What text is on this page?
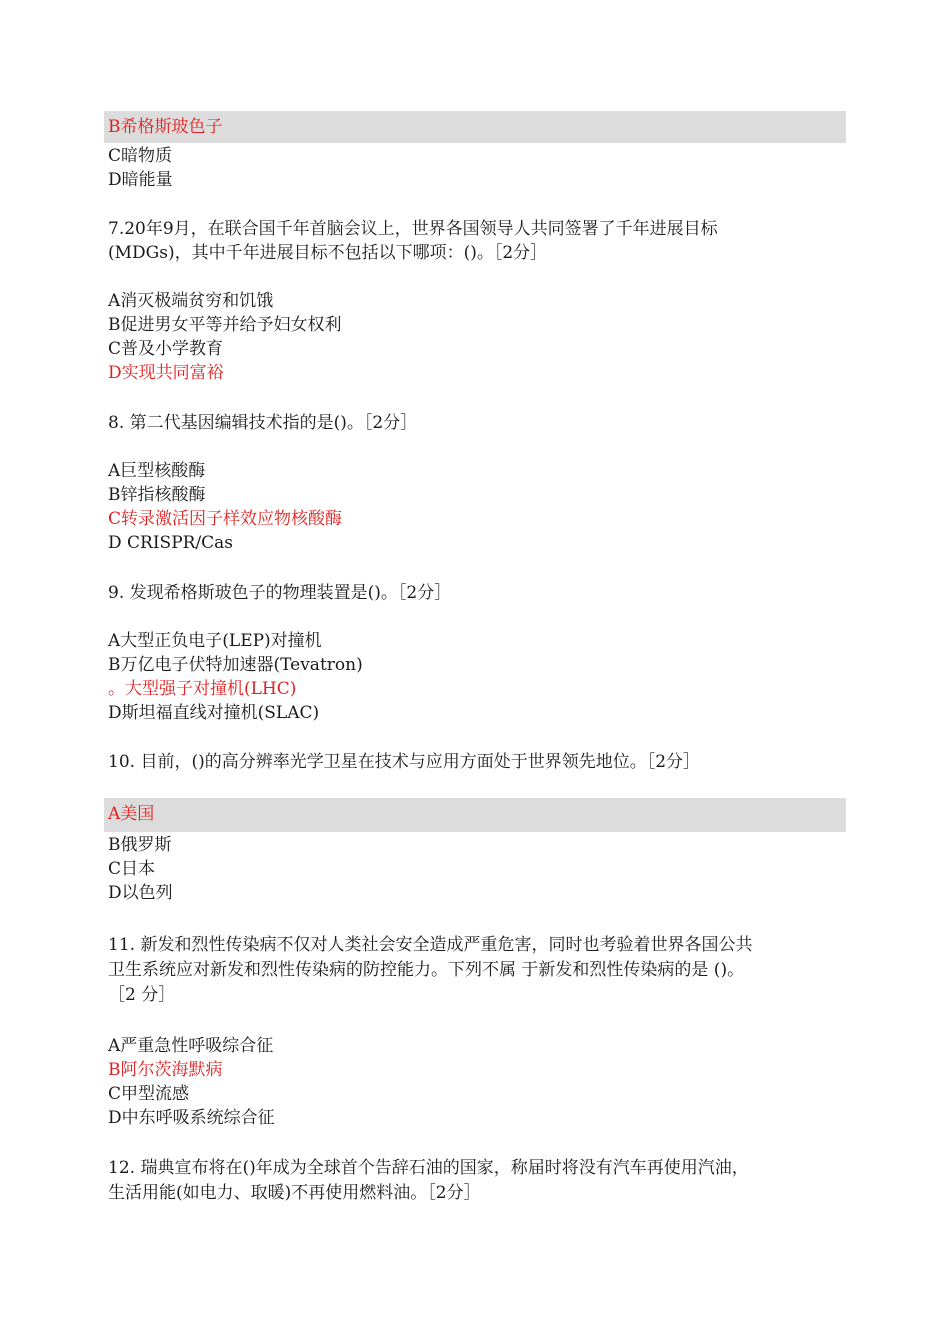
B希格斯玻色子
C暗物质
D暗能量
7.20年9月，在联合国千年首脑会议上，世界各国领导人共同签署了千年进展目标
(MDGs)，其中千年进展目标不包括以下哪项：()。［2分］
A消灭极端贫穷和饥饿
B促进男女平等并给予妇女权利
C普及小学教育
D实现共同富裕
8. 第二代基因编辑技术指的是()。［2分］
A巨型核酸酶
B锌指核酸酶
C转录激活因子样效应物核酸酶
D CRISPR/Cas
9. 发现希格斯玻色子的物理装置是()。［2分］
A大型正负电子(LEP)对撞机
B万亿电子伏特加速器(Tevatron)
。大型强子对撞机(LHC)
D斯坦福直线对撞机(SLAC)
10. 目前，()的高分辨率光学卫星在技术与应用方面处于世界领先地位。［2分］
A美国
B俄罗斯
C日本
D以色列
11. 新发和烈性传染病不仅对人类社会安全造成严重危害，同时也考验着世界各国公共
卫生系统应对新发和烈性传染病的防控能力。下列不属 于新发和烈性传染病的是 ()。
［2 分］
A严重急性呼吸综合征
B阿尔茨海默病
C甲型流感
D中东呼吸系统综合征
12. 瑞典宣布将在()年成为全球首个告辞石油的国家，称届时将没有汽车再使用汽油，
生活用能(如电力、取暖)不再使用燃料油。［2分］
